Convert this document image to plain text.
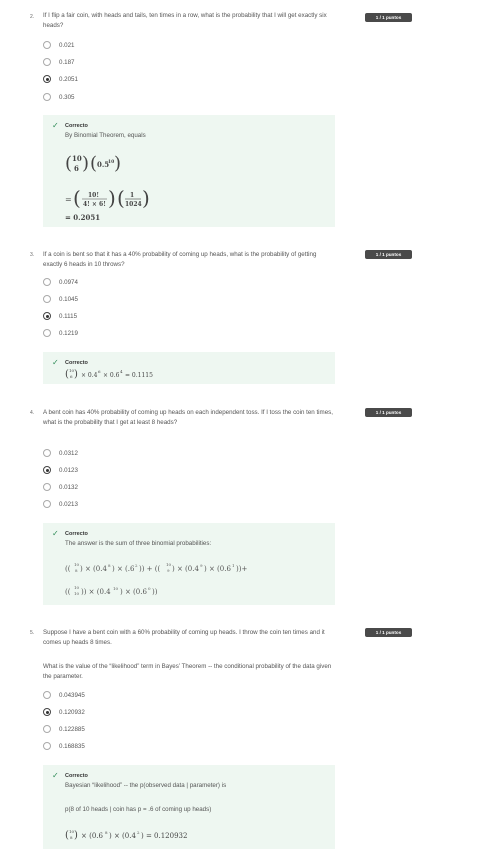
2. If I flip a fair coin, with heads and tails, ten times in a row, what is the probability that I will get exactly six heads?
1 / 1 puntos
0.021
0.187
0.2051
0.305
✓ Correcto
By Binomial Theorem, equals
( 10
6 ) ( 0.5
10 )
= ( 10!
4! × 6! ) ( 1
1024 )
= 0.2051
3. If a coin is bent so that it has a 40% probability of coming up heads, what is the probability of getting exactly 6 heads in 10 throws?
1 / 1 puntos
0.0974
0.1045
0.1115
0.1219
✓ Correcto
( 10
6 ) × 0.4
6
× 0.6
4
= 0.1115
4. A bent coin has 40% probability of coming up heads on each independent toss. If I toss the coin ten times, what is the probability that I get at least 8 heads?
1 / 1 puntos
0.0312
0.0123
0.0132
0.0213
✓ Correcto
The answer is the sum of three binomial probabilities:
((
10
8 ) × (0.4 8 ) × (.6 2 )) + ((
10
9 ) × (0.4 9 ) × (0.6 1 ))+
((
10
10 )) × (0.4 10 ) × (0.6 0 ))
5. Suppose I have a bent coin with a 60% probability of coming up heads. I throw the coin ten times and it comes up heads 8 times.
What is the value of the “likelihood” term in Bayes’ Theorem -- the conditional probability of the data given the parameter.
1 / 1 puntos
0.043945
0.120932
0.122885
0.168835
✓ Correcto
Bayesian “likelihood” -- the p(observed data | parameter) is
p(8 of 10 heads | coin has p = .6 of coming up heads)
( 10
8 ) × (0.6 8 ) × (0.4 2 ) = 0.120932
